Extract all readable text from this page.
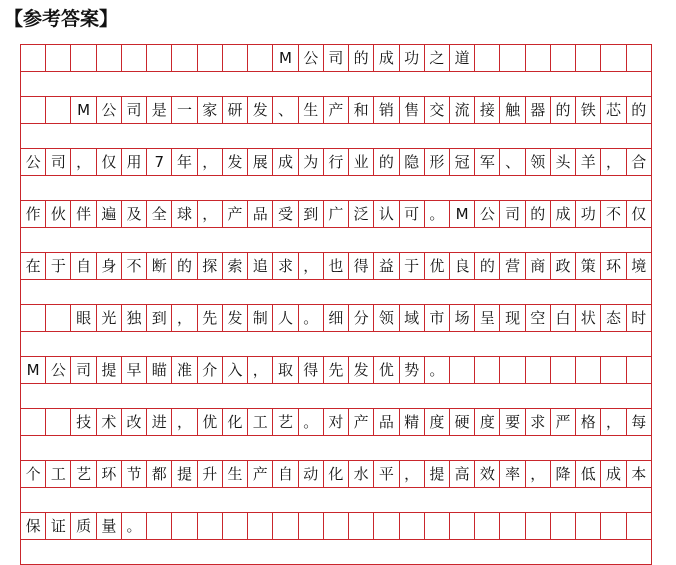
【参考答案】
M 公 司 的 成 功 之 道
M 公 司 是 一 家 研 发 、 生 产 和 销 售 交 流 接 触 器 的 铁 芯 的
公 司 ， 仅 用 7 年 ， 发 展 成 为 行 业 的 隐 形 冠 军 、 领 头 羊 ， 合
作 伙 伴 遍 及 全 球 ， 产 品 受 到 广 泛 认 可 。 M 公 司 的 成 功 不 仅
在 于 自 身 不 断 的 探 索 追 求 ， 也 得 益 于 优 良 的 营 商 政 策 环 境
眼 光 独 到 ， 先 发 制 人 。 细 分 领 域 市 场 呈 现 空 白 状 态 时
M 公 司 提 早 瞄 准 介 入 ， 取 得 先 发 优 势 。
技 术 改 进 ， 优 化 工 艺 。 对 产 品 精 度 硬 度 要 求 严 格 ， 每
个 工 艺 环 节 都 提 升 生 产 自 动 化 水 平 ， 提 高 效 率 ， 降 低 成 本
保 证 质 量 。
